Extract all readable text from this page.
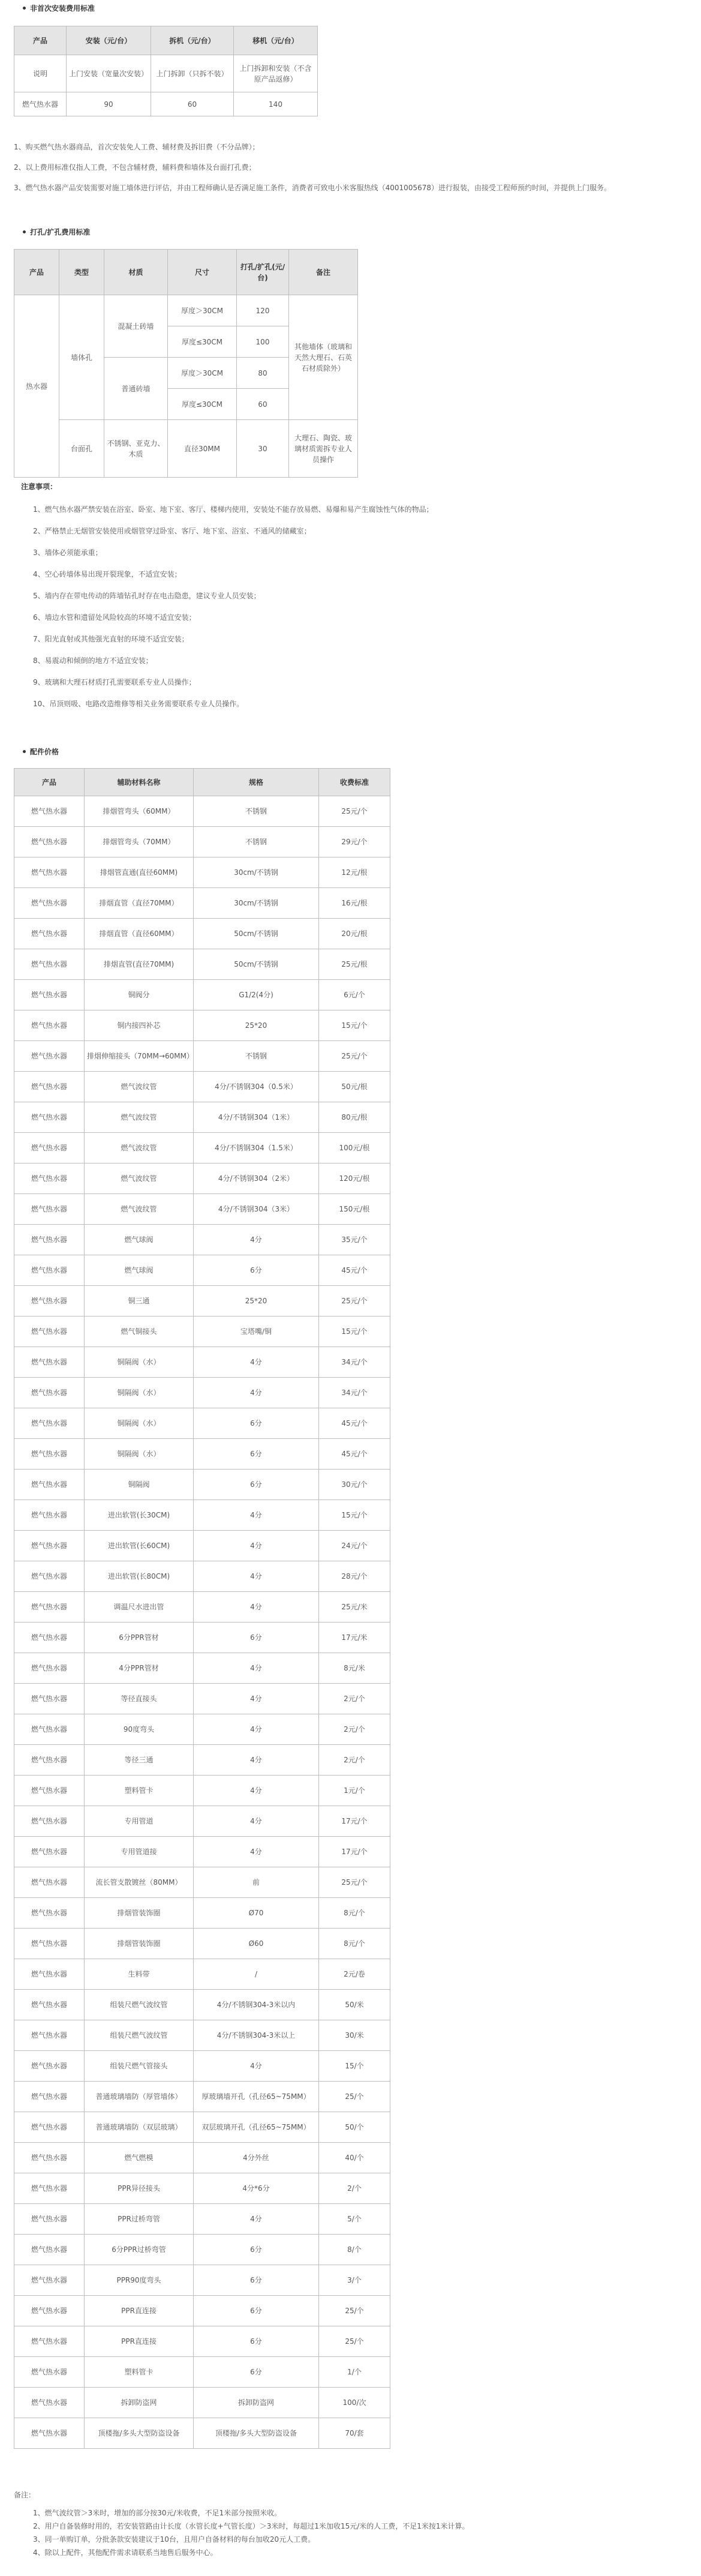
非首次安装费用标准
产品	安装（元/台）	拆机（元/台）	移机（元/台）
说明	上门安装（宽量次安装）	上门拆卸（只拆不装）	上门拆卸和安装（不含原产品返修）
燃气热水器	90	60	140

1、购买燃气热水器商品，首次安装免人工费、辅材费及拆旧费（不分品牌）；

2、以上费用标准仅指人工费，不包含辅材费，辅料费和墙体及台面打孔费；

3、燃气热水器产品安装需要对施工墙体进行评估，并由工程师确认是否满足施工条件，消费者可致电小米客服热线（4001005678）进行报装，由接受工程师预约时间，并提供上门服务。

打孔/扩孔费用标准
产品	类型	材质	尺寸	打孔/扩孔(元/台)	备注
热水器	墙体孔	混凝土砖墙	厚度＞30CM	120	其他墙体（玻璃和天然大理石、石英石材质除外）
			厚度≤30CM	100	
		普通砖墙	厚度＞30CM	80	
			厚度≤30CM	60	
	台面孔	不锈钢、亚克力、木质	直径30MM	30	大理石、陶瓷、玻璃材质需拆专业人员操作
注意事项：
1、燃气热水器严禁安装在浴室、卧室、地下室、客厅、楼梯内使用，安装处不能存放易燃、易爆和易产生腐蚀性气体的物品；
2、严格禁止无烟管安装使用或烟管穿过卧室、客厅、地下室、浴室、不通风的储藏室；
3、墙体必须能承重；
4、空心砖墙体易出现开裂现象，不适宜安装；
5、墙内存在带电传动的阵墙钻孔时存在电击隐患，建议专业人员安装；
6、墙边水管和遗留处风险较高的环境不适宜安装；
7、阳光直射或其他强光直射的环境不适宜安装；
8、易震动和倾倒的地方不适宜安装；
9、玻璃和大理石材质打孔需要联系专业人员操作；
10、吊顶则吸、电路改造维修等相关业务需要联系专业人员操作。
配件价格
产品	辅助材料名称	规格	收费标准
燃气热水器	排烟管弯头（60MM）	不锈钢	25元/个
燃气热水器	排烟管弯头（70MM）	不锈钢	29元/个
燃气热水器	排烟管直通(直径60MM)	30cm/不锈钢	12元/根
燃气热水器	排烟直管（直径70MM）	30cm/不锈钢	16元/根
燃气热水器	排烟直管（直径60MM）	50cm/不锈钢	20元/根
燃气热水器	排烟直管(直径70MM)	50cm/不锈钢	25元/根
燃气热水器	铜阀分	G1/2(4分)	6元/个
燃气热水器	铜内接四补芯	25*20	15元/个
燃气热水器	排烟伸缩接头（70MM→60MM）	不锈钢	25元/个
燃气热水器	燃气波纹管	4分/不锈钢304（0.5米）	50元/根
燃气热水器	燃气波纹管	4分/不锈钢304（1米）	80元/根
燃气热水器	燃气波纹管	4分/不锈钢304（1.5米）	100元/根
燃气热水器	燃气波纹管	4分/不锈钢304（2米）	120元/根
燃气热水器	燃气波纹管	4分/不锈钢304（3米）	150元/根
燃气热水器	燃气球阀	4分	35元/个
燃气热水器	燃气球阀	6分	45元/个
燃气热水器	铜三通	25*20	25元/个
燃气热水器	燃气铜接头	宝塔嘴/铜	15元/个
燃气热水器	铜隔阀（水）	4分	34元/个
燃气热水器	铜隔阀（水）	4分	34元/个
燃气热水器	铜隔阀（水）	6分	45元/个
燃气热水器	铜隔阀（水）	6分	45元/个
燃气热水器	铜隔阀	6分	30元/个
燃气热水器	进出软管(长30CM)	4分	15元/个
燃气热水器	进出软管(长60CM)	4分	24元/个
燃气热水器	进出软管(长80CM)	4分	28元/个
燃气热水器	调温尺水进出管	4分	25元/米
燃气热水器	6分PPR管材	6分	17元/米
燃气热水器	4分PPR管材	4分	8元/米
燃气热水器	等径直接头	4分	2元/个
燃气热水器	90度弯头	4分	2元/个
燃气热水器	等径三通	4分	2元/个
燃气热水器	塑料管卡	4分	1元/个
燃气热水器	专用管道	4分	17元/个
燃气热水器	专用管道接	4分	17元/个
燃气热水器	流长管支散镀丝（80MM）	前	25元/个
燃气热水器	排烟管装饰圈	Ø70	8元/个
燃气热水器	排烟管装饰圈	Ø60	8元/个
燃气热水器	生料带	/	2元/卷
燃气热水器	组装尺燃气波纹管	4分/不锈钢304-3米以内	50/米
燃气热水器	组装尺燃气波纹管	4分/不锈钢304-3米以上	30/米
燃气热水器	组装尺燃气管接头	4分	15/个
燃气热水器	普通玻璃墙防（厚管墙体）	厚玻璃墙开孔（孔径65~75MM）	25/个
燃气热水器	普通玻璃墙防（双层玻璃）	双层玻璃开孔（孔径65~75MM）	50/个
燃气热水器	燃气燃模	4分外丝	40/个
燃气热水器	PPR异径接头	4分*6分	2/个
燃气热水器	PPR过桥弯管	4分	5/个
燃气热水器	6分PPR过桥弯管	6分	8/个
燃气热水器	PPR90度弯头	6分	3/个
燃气热水器	PPR直连接	6分	25/个
燃气热水器	PPR直连接	6分	25/个
燃气热水器	塑料管卡	6分	1/个
燃气热水器	拆卸防盗网	拆卸防盗网	100/次
燃气热水器	顶楼拖/多头大型防盗设备	顶楼拖/多头大型防盗设备	70/套
备注：
1、燃气波纹管＞3米时，增加的部分按30元/米收费，不足1米部分按照米收。
2、用户自备装修时用的，若安装管路由计长度（水管长度+气管长度）＞3米时，每超过1米加收15元/米的人工费，不足1米按1米计算。
3、同一单购订单，分批条款安装建议于10台，且用户自备材料的每台加收20元人工费。
4、除以上配件，其他配件需求请联系当地售后服务中心。
